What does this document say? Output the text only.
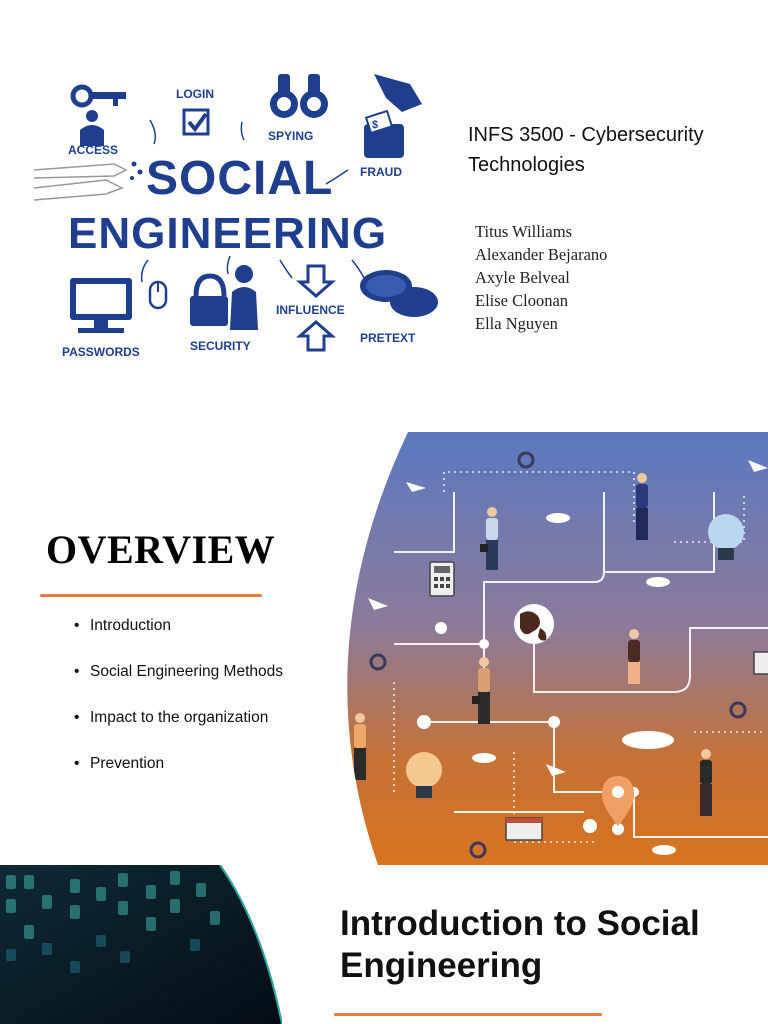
ACCESS
LOGIN
SPYING
$
FRAUD
SOCIAL
ENGINEERING
PASSWORDS	SECURITY
INFLUENCE
PRETEXT
INFS 3500 - Cybersecurity Technologies
Titus Williams
Alexander Bejarano
Axyle Belveal
Elise Cloonan
Ella Nguyen
OVERVIEW
• Introduction
• Social Engineering Methods
• Impact to the organization
• Prevention
Introduction to Social Engineering
